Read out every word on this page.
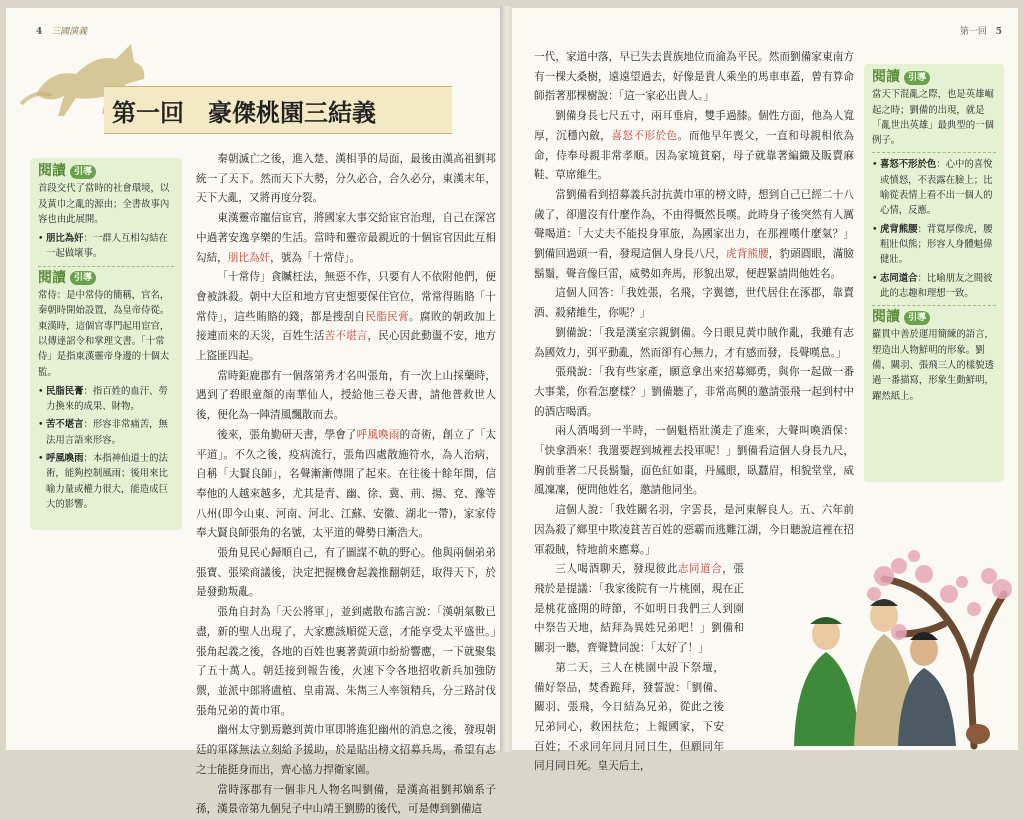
4 三國演義
第一回　豪傑桃園三結義
閱讀 引導

首段交代了當時的社會環境，以及黃巾之亂的源由；全書故事內容也由此展開。

• 朋比為奸：一群人互相勾結在一起做壞事。
閱讀 引導

常侍：是中常侍的簡稱，官名，秦朝時開始設置，為皇帝侍從。東漢時，這個官專門起用宦官，以傳達詔令和掌理文書。「十常侍」是指東漢靈帝身邊的十個太監。

• 民脂民膏：指百姓的血汗、勞力換來的成果、財物。
• 苦不堪言：形容非常痛苦，無法用言語來形容。
• 呼風喚雨：本指神仙道士的法術，能夠控制風雨；後用來比喻力量或權力很大，能造成巨大的影響。

秦朝滅亡之後，進入楚、漢相爭的局面，最後由漢高祖劉邦統一了天下。然而天下大勢，分久必合，合久必分，東漢末年，天下大亂，又將再度分裂。

東漢靈帝寵信宦官，將國家大事交給宦官治理，自己在深宮中過著安逸享樂的生活。當時和靈帝最親近的十個宦官因此互相勾結，朋比為奸，號為「十常侍」。

「十常侍」貪贓枉法，無惡不作，只要有人不依附他們，便會被誅殺。朝中大臣和地方官吏想要保住官位，常常得賄賂「十常侍」，這些賄賂的錢，都是搜刮自民脂民膏。腐敗的朝政加上接連而來的天災，百姓生活苦不堪言，民心因此動盪不安，地方上盜匪四起。

當時鉅鹿郡有一個落第秀才名叫張角，有一次上山採藥時，遇到了碧眼童顏的南華仙人，授給他三卷天書，請他普救世人後，便化為一陣清風飄散而去。

後來，張角勤研天書，學會了呼風喚雨的奇術，創立了「太平道」。不久之後，疫病流行，張角四處散施符水，為人治病，自稱「大賢良師」，名聲漸漸傳開了起來。在往後十餘年間，信奉他的人越來越多，尤其是青、幽、徐、冀、荊、揚、兗、豫等八州(即今山東、河南、河北、江蘇、安徽、湖北一帶)，家家侍奉大賢良師張角的名號，太平道的聲勢日漸浩大。

張角見民心歸順自己，有了圖謀不軌的野心。他與兩個弟弟張寶、張梁商議後，決定把握機會起義推翻朝廷，取得天下，於是發動叛亂。

張角自封為「天公將軍」，並到處散布謠言說：「漢朝氣數已盡，新的聖人出現了，大家應該順從天意，才能享受太平盛世。」張角起義之後，各地的百姓也裹著黃頭巾紛紛響應，一下就聚集了五十萬人。朝廷接到報告後，火速下令各地招收新兵加強防禦，並派中郎將盧植、皇甫嵩、朱雋三人率領精兵，分三路討伐張角兄弟的黃巾軍。

幽州太守劉焉聽到黃巾軍即將進犯幽州的消息之後，發現朝廷的軍隊無法立刻給予援助，於是貼出榜文招募兵馬，希望有志之士能挺身而出，齊心協力捍衛家園。

當時涿郡有一個非凡人物名叫劉備，是漢高祖劉邦嫡系子孫，漢景帝第九個兒子中山靖王劉勝的後代，可是傳到劉備這

第一回 5

一代，家道中落，早已失去貴族地位而淪為平民。然而劉備家東南方有一棵大桑樹，遠遠望過去，好像是貴人乘坐的馬車車蓋，曾有算命師指著那棵樹說：「這一家必出貴人。」

劉備身長七尺五寸，兩耳垂肩，雙手過膝。個性方面，他為人寬厚，沉穩內斂，喜怒不形於色。而他早年喪父，一直和母親相依為命，侍奉母親非常孝順。因為家境貧窮，母子就靠著編織及販賣麻鞋、草席維生。

當劉備看到招募義兵討抗黃巾軍的榜文時，想到自己已經二十八歲了，卻還沒有什麼作為，不由得慨然長嘆。此時身子後突然有人厲聲喝道：「大丈夫不能投身軍旅，為國家出力，在那裡嘆什麼氣？」劉備回過頭一看，發現這個人身長八尺，虎背熊腰，豹頭圓眼，滿臉鬍鬚，聲音像巨雷，威勢如奔馬，形貌出眾，便趕緊請問他姓名。

這個人回答：「我姓張，名飛，字翼德，世代居住在涿郡，靠賣酒、殺豬維生，你呢？」

劉備說：「我是漢室宗親劉備。今日眼見黃巾賊作亂，我雖有志為國效力，弭平動亂，然而卻有心無力，才有感而發，長聲嘆息。」

張飛說：「我有些家產，願意拿出來招募鄉勇，與你一起做一番大事業，你看怎麼樣？」劉備聽了，非常高興的邀請張飛一起到村中的酒店喝酒。

兩人酒喝到一半時，一個魁梧壯漢走了進來，大聲叫喚酒保：「快拿酒來！我還要趕到城裡去投軍呢！」劉備看這個人身長九尺，胸前垂著二尺長鬍鬚，面色紅如棗，丹鳳眼，臥蠶眉，相貌堂堂，威風凜凜，便問他姓名，邀請他同坐。

這個人說：「我姓關名羽，字雲長，是河東解良人。五、六年前因為殺了鄉里中欺凌貧苦百姓的惡霸而逃難江湖，今日聽說這裡在招軍殺賊，特地前來應募。」

三人喝酒聊天，發現彼此志同道合，張飛於是提議：「我家後院有一片桃園，現在正是桃花盛開的時節，不如明日我們三人到園中祭告天地，結拜為異姓兄弟吧！」劉備和關羽一聽，齊聲贊同說：「太好了！」

第二天，三人在桃園中設下祭壇，備好祭品，焚香跪拜，發誓說：「劉備、關羽、張飛，今日結為兄弟，從此之後兄弟同心，救困扶危；上報國家，下安百姓；不求同年同月同日生，但願同年同月同日死。皇天后土，

閱讀 引導

當天下混亂之際，也是英雄崛起之時；劉備的出現，就是「亂世出英雄」最典型的一個例子。

• 喜怒不形於色：心中的喜悅或憤怒，不表露在臉上；比喻從表情上看不出一個人的心情，反應。
• 虎背熊腰：背寬厚像虎，腰粗壯似熊；形容人身體魁偉健壯。
• 志同道合：比喻朋友之間彼此的志趣和理想一致。
閱讀 引導

羅貫中善於運用簡練的語言，塑造出人物鮮明的形象。劉備、關羽、張飛三人的樣貌透過一番描寫，形象生動鮮明，躍然紙上。
